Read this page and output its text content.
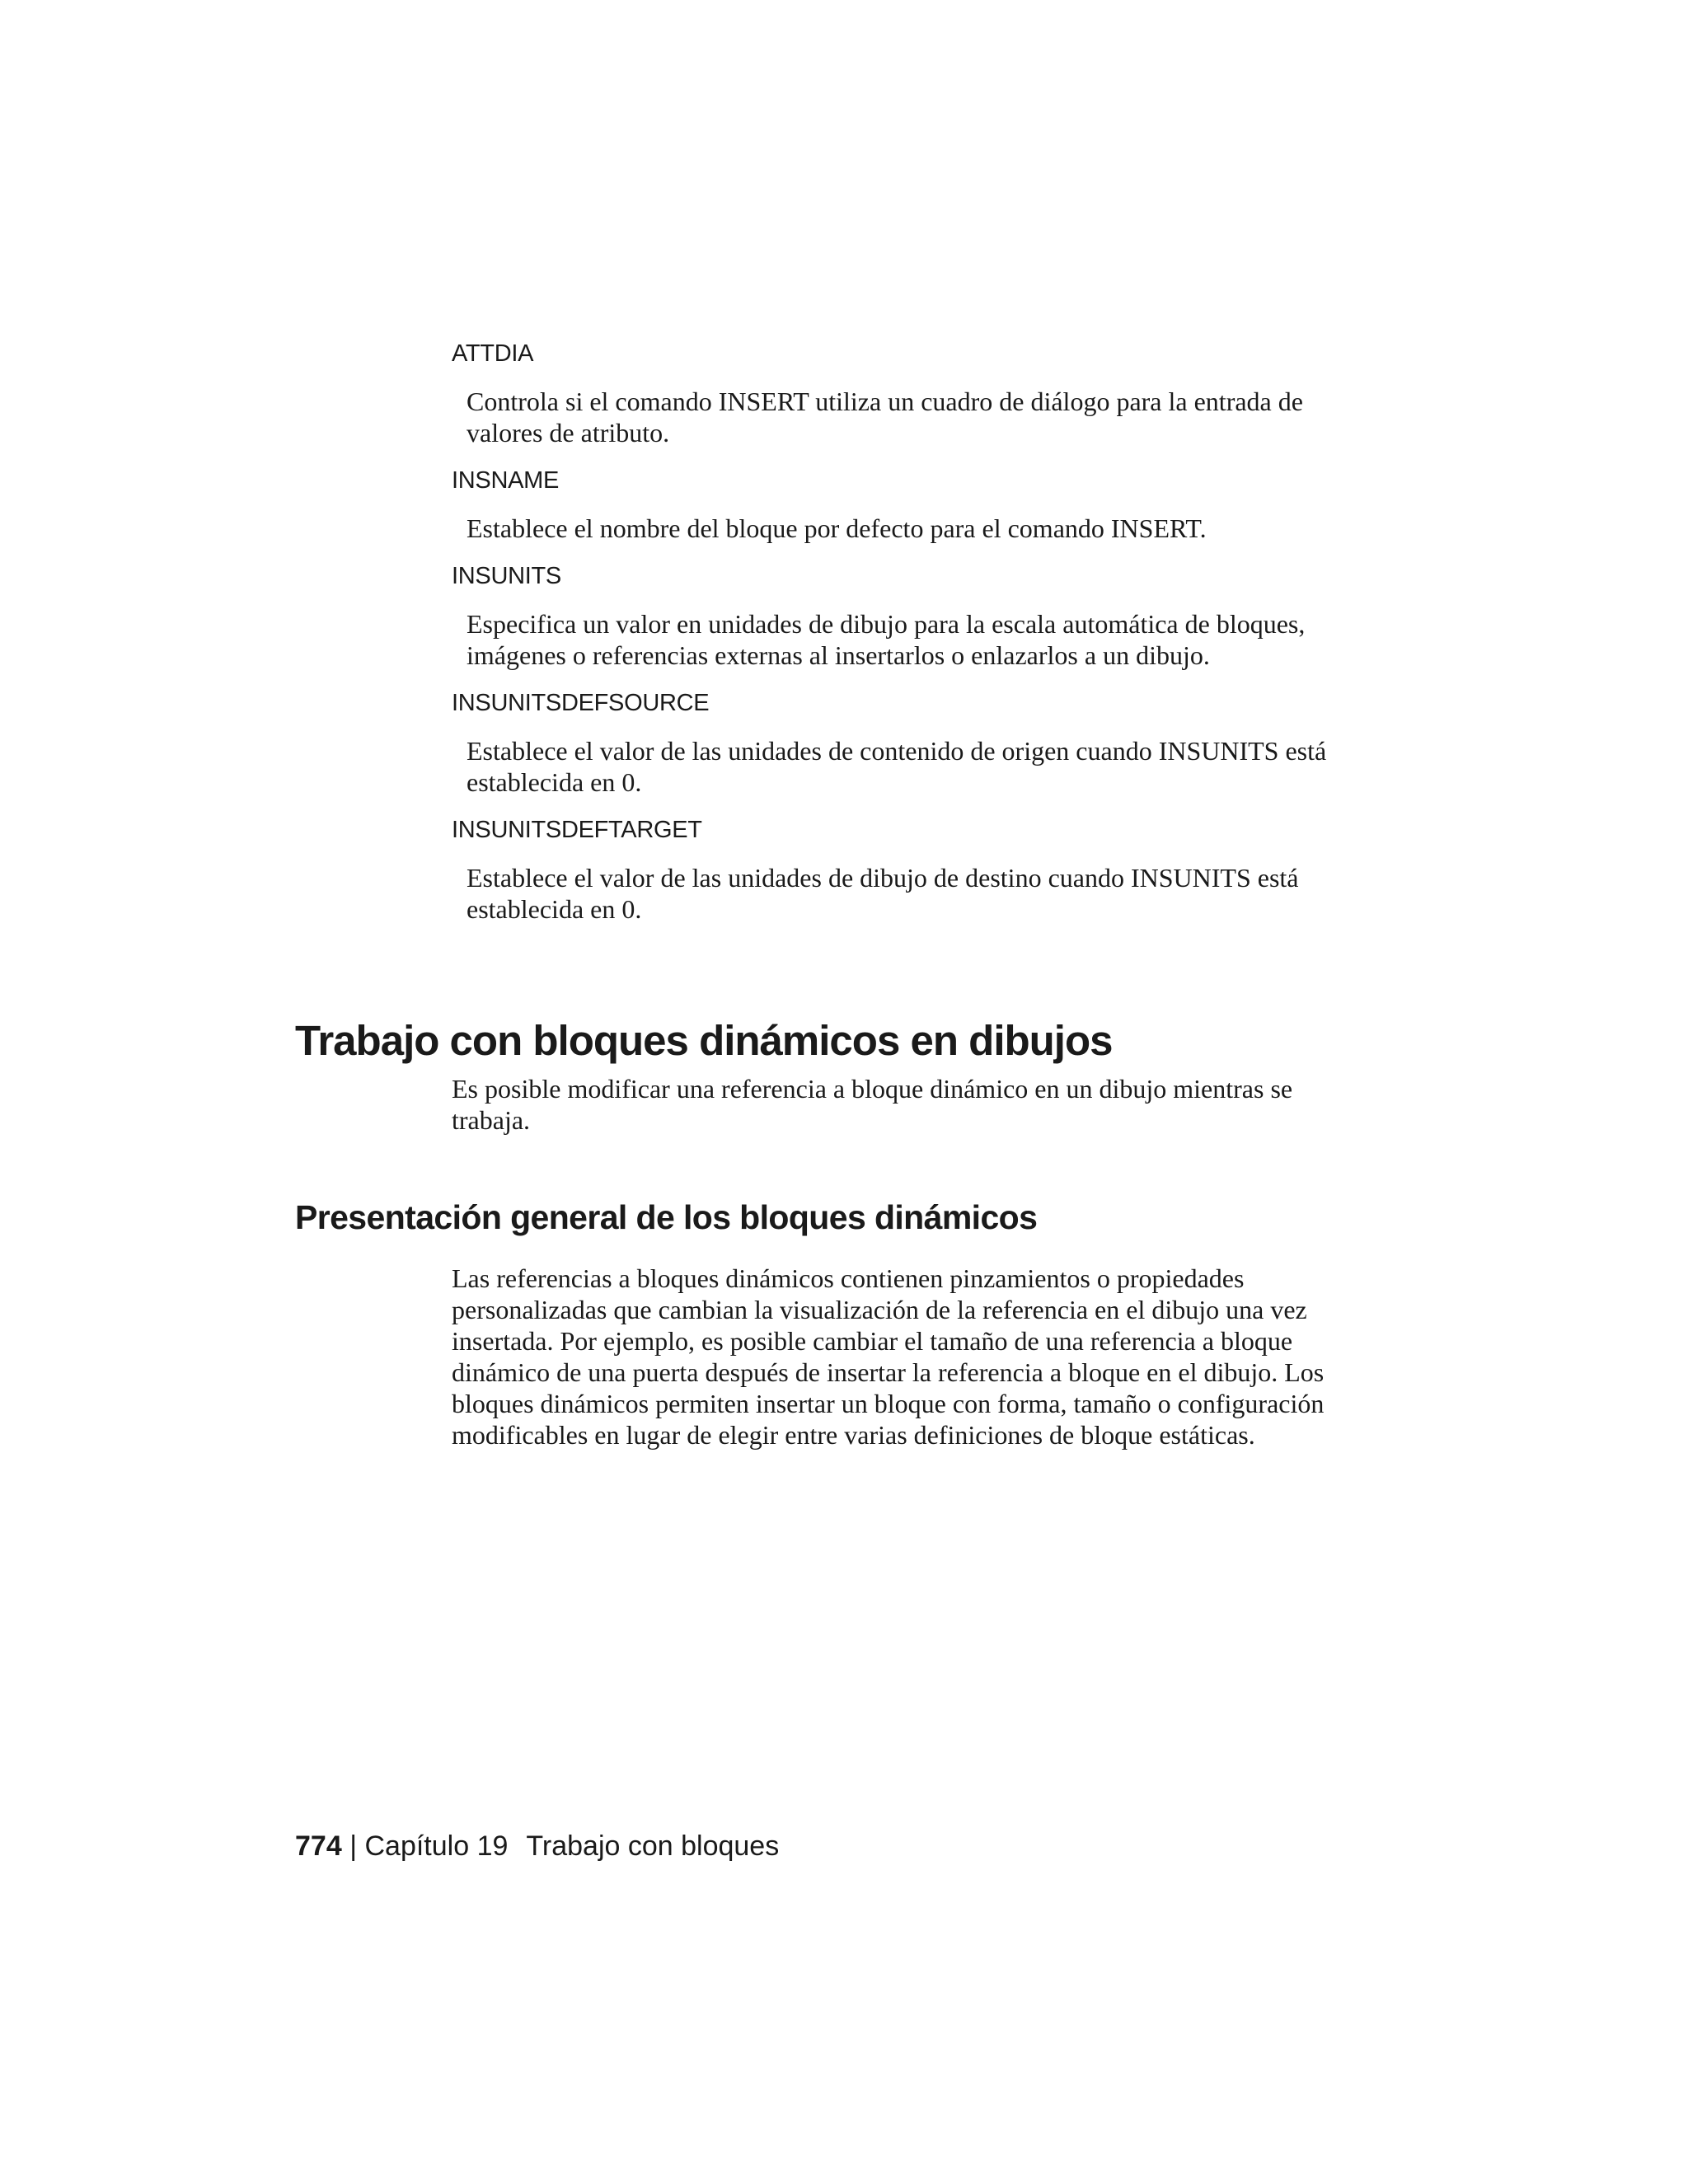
ATTDIA

Controla si el comando INSERT utiliza un cuadro de diálogo para la entrada de valores de atributo.

INSNAME

Establece el nombre del bloque por defecto para el comando INSERT.

INSUNITS

Especifica un valor en unidades de dibujo para la escala automática de bloques, imágenes o referencias externas al insertarlos o enlazarlos a un dibujo.

INSUNITSDEFSOURCE

Establece el valor de las unidades de contenido de origen cuando INSUNITS está establecida en 0.

INSUNITSDEFTARGET

Establece el valor de las unidades de dibujo de destino cuando INSUNITS está establecida en 0.

Trabajo con bloques dinámicos en dibujos

Es posible modificar una referencia a bloque dinámico en un dibujo mientras se trabaja.

Presentación general de los bloques dinámicos

Las referencias a bloques dinámicos contienen pinzamientos o propiedades personalizadas que cambian la visualización de la referencia en el dibujo una vez insertada. Por ejemplo, es posible cambiar el tamaño de una referencia a bloque dinámico de una puerta después de insertar la referencia a bloque en el dibujo. Los bloques dinámicos permiten insertar un bloque con forma, tamaño o configuración modificables en lugar de elegir entre varias definiciones de bloque estáticas.

774 | Capítulo 19 Trabajo con bloques
